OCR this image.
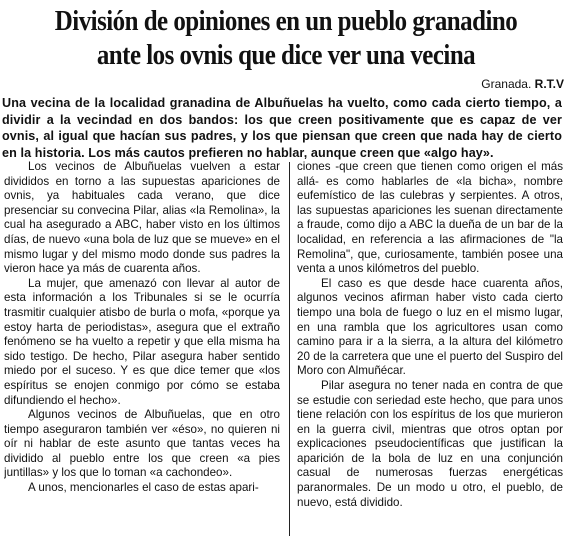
División de opiniones en un pueblo granadino
ante los ovnis que dice ver una vecina
Granada. R.T.V
Una vecina de la localidad granadina de Albuñuelas ha vuelto, como cada cierto tiempo, a dividir a la vecindad en dos bandos: los que creen positivamente que es capaz de ver ovnis, al igual que hacían sus padres, y los que piensan que creen que nada hay de cierto en la historia. Los más cautos prefieren no hablar, aunque creen que «algo hay».

Los vecinos de Albuñuelas vuelven a estar divididos en torno a las supuestas apariciones de ovnis, ya habituales cada verano, que dice presenciar su convecina Pilar, alias «la Remolina», la cual ha asegurado a ABC, haber visto en los últimos días, de nuevo «una bola de luz que se mueve» en el mismo lugar y del mismo modo donde sus padres la vieron hace ya más de cuarenta años.

La mujer, que amenazó con llevar al autor de esta información a los Tribunales si se le ocurría trasmitir cualquier atisbo de burla o mofa, «porque ya estoy harta de periodistas», asegura que el extraño fenómeno se ha vuelto a repetir y que ella misma ha sido testigo. De hecho, Pilar asegura haber sentido miedo por el suceso. Y es que dice temer que «los espíritus se enojen conmigo por cómo se estaba difundiendo el hecho».

Algunos vecinos de Albuñuelas, que en otro tiempo aseguraron también ver «éso», no quieren ni oír ni hablar de este asunto que tantas veces ha dividido al pueblo entre los que creen «a pies juntillas» y los que lo toman «a cachondeo».

A unos, mencionarles el caso de estas apari-

ciones -que creen que tienen como origen el más allá- es como hablarles de «la bicha», nombre eufemístico de las culebras y serpientes. A otros, las supuestas apariciones les suenan directamente a fraude, como dijo a ABC la dueña de un bar de la localidad, en referencia a las afirmaciones de "la Remolina", que, curiosamente, también posee una venta a unos kilómetros del pueblo.

El caso es que desde hace cuarenta años, algunos vecinos afirman haber visto cada cierto tiempo una bola de fuego o luz en el mismo lugar, en una rambla que los agricultores usan como camino para ir a la sierra, a la altura del kilómetro 20 de la carretera que une el puerto del Suspiro del Moro con Almuñécar.

Pilar asegura no tener nada en contra de que se estudie con seriedad este hecho, que para unos tiene relación con los espíritus de los que murieron en la guerra civil, mientras que otros optan por explicaciones pseudocientíficas que justifican la aparición de la bola de luz en una conjunción casual de numerosas fuerzas energéticas paranormales. De un modo u otro, el pueblo, de nuevo, está dividido.
